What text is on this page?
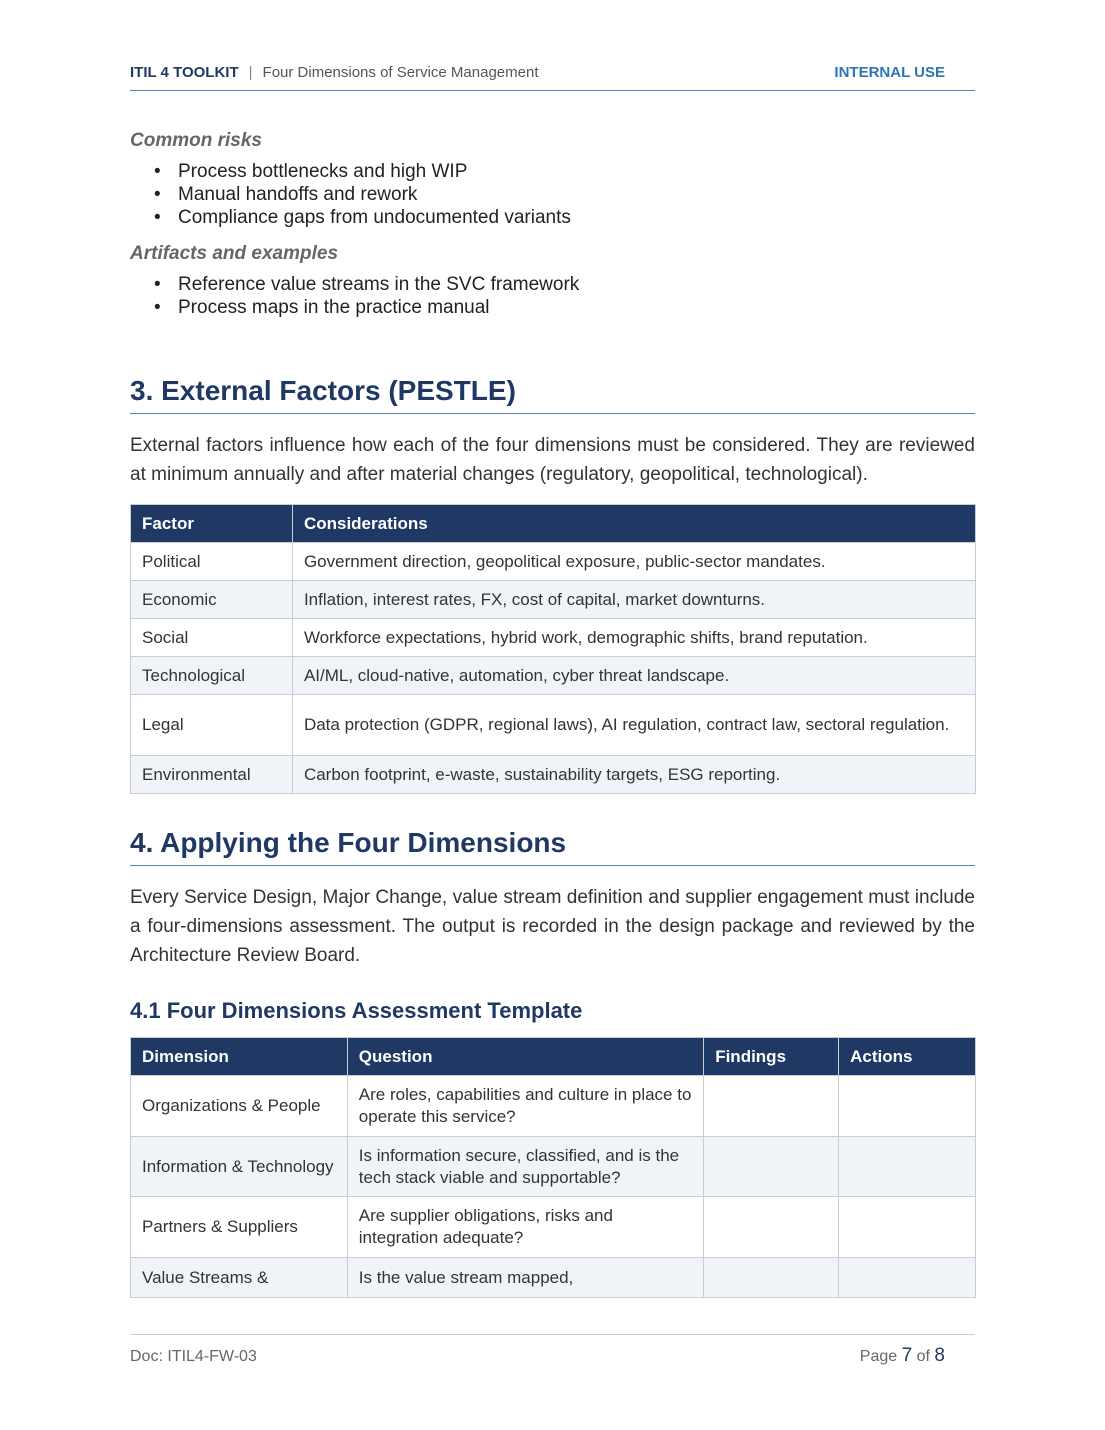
ITIL 4 TOOLKIT | Four Dimensions of Service Management	INTERNAL USE
Common risks
• Process bottlenecks and high WIP
• Manual handoffs and rework
• Compliance gaps from undocumented variants
Artifacts and examples
• Reference value streams in the SVC framework
• Process maps in the practice manual
3. External Factors (PESTLE)

External factors influence how each of the four dimensions must be considered. They are reviewed at minimum annually and after material changes (regulatory, geopolitical, technological).

Factor	Considerations
Political	Government direction, geopolitical exposure, public-sector mandates.
Economic	Inflation, interest rates, FX, cost of capital, market downturns.
Social	Workforce expectations, hybrid work, demographic shifts, brand reputation.
Technological	AI/ML, cloud-native, automation, cyber threat landscape.
Legal	Data protection (GDPR, regional laws), AI regulation, contract law, sectoral regulation.
Environmental	Carbon footprint, e-waste, sustainability targets, ESG reporting.
4. Applying the Four Dimensions

Every Service Design, Major Change, value stream definition and supplier engagement must include a four-dimensions assessment. The output is recorded in the design package and reviewed by the Architecture Review Board.

4.1 Four Dimensions Assessment Template
Dimension	Question	Findings	Actions
Organizations & People	Are roles, capabilities and culture in place to operate this service?		
Information & Technology	Is information secure, classified, and is the tech stack viable and supportable?		
Partners & Suppliers	Are supplier obligations, risks and integration adequate?		
Value Streams &	Is the value stream mapped,		
Doc: ITIL4-FW-03	Page 7 of 8
